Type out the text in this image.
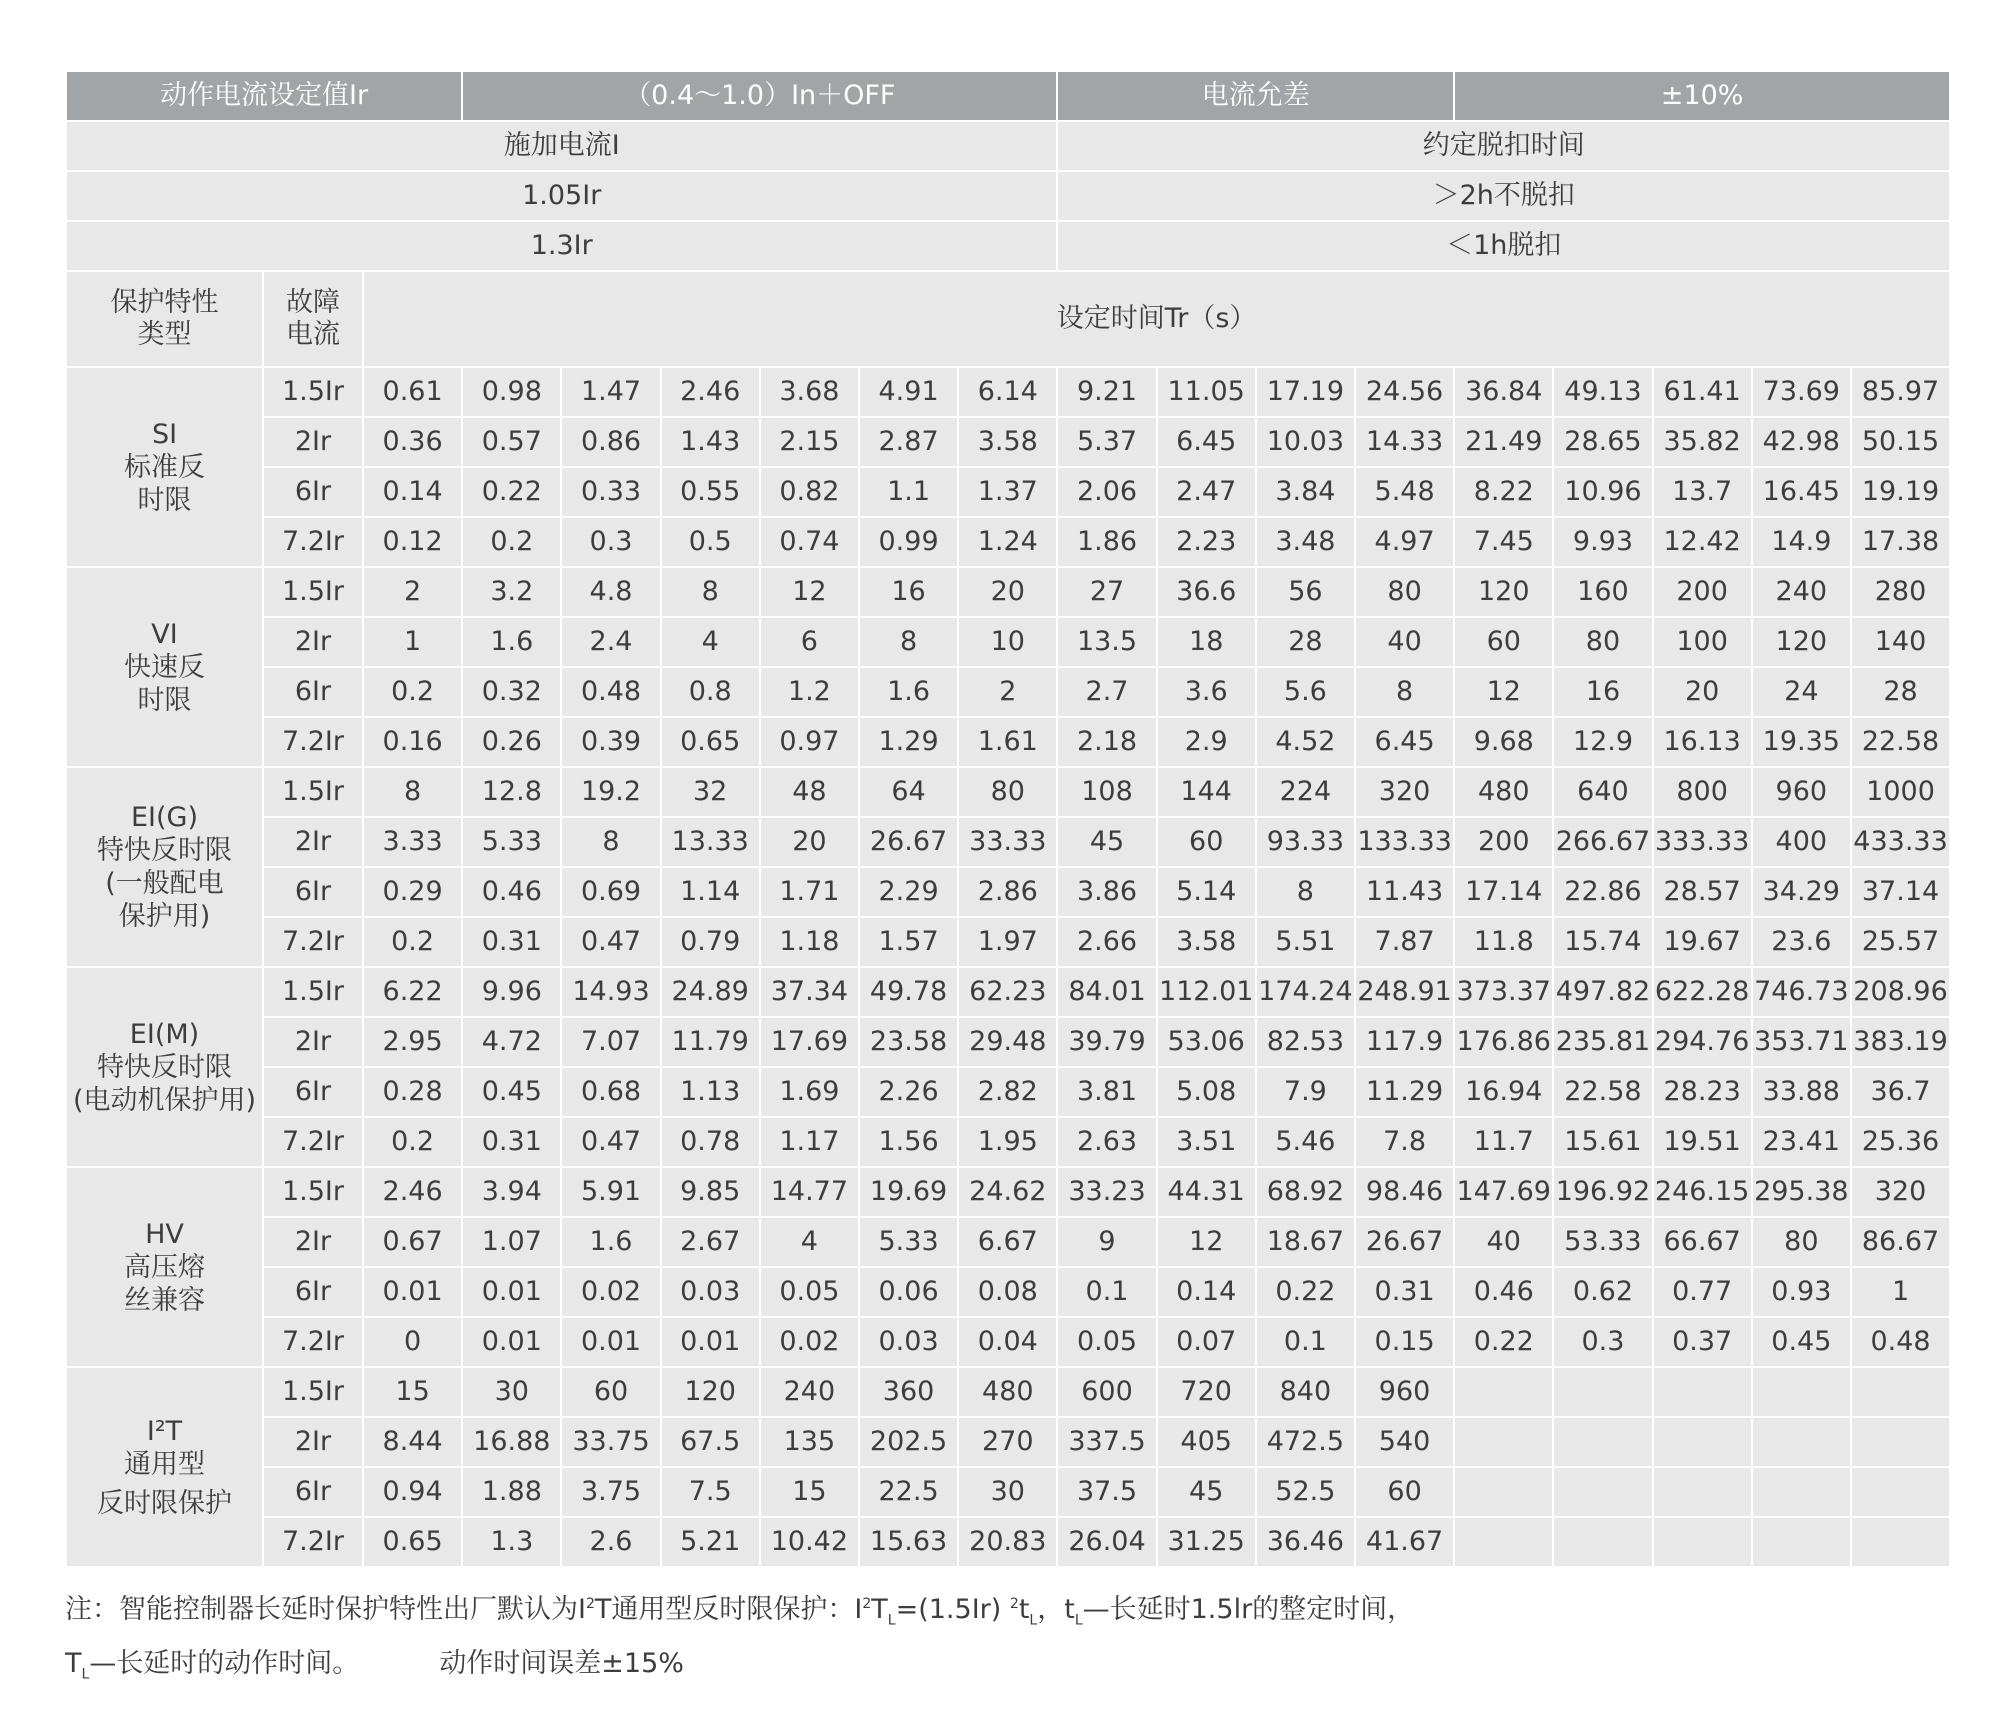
动作电流设定值Ir			（0.4～1.0）In＋OFF						电流允差				±10%				
施加电流I									约定脱扣时间								
1.05Ir									＞2h不脱扣								
1.3Ir									＜1h脱扣								
保护特性类型	故障电流	设定时间Tr（s）															

SI
标准反
时限	1.5Ir	0.61	0.98	1.47	2.46	3.68	4.91	6.14	9.21	11.05	17.19	24.56	36.84	49.13	61.41	73.69	85.97
	2Ir	0.36	0.57	0.86	1.43	2.15	2.87	3.58	5.37	6.45	10.03	14.33	21.49	28.65	35.82	42.98	50.15
	6Ir	0.14	0.22	0.33	0.55	0.82	1.1	1.37	2.06	2.47	3.84	5.48	8.22	10.96	13.7	16.45	19.19
	7.2Ir	0.12	0.2	0.3	0.5	0.74	0.99	1.24	1.86	2.23	3.48	4.97	7.45	9.93	12.42	14.9	17.38

VI
快速反
时限	1.5Ir	2	3.2	4.8	8	12	16	20	27	36.6	56	80	120	160	200	240	280
	2Ir	1	1.6	2.4	4	6	8	10	13.5	18	28	40	60	80	100	120	140
	6Ir	0.2	0.32	0.48	0.8	1.2	1.6	2	2.7	3.6	5.6	8	12	16	20	24	28
	7.2Ir	0.16	0.26	0.39	0.65	0.97	1.29	1.61	2.18	2.9	4.52	6.45	9.68	12.9	16.13	19.35	22.58

EI(G)
特快反时限
(一般配电
保护用)	1.5Ir	8	12.8	19.2	32	48	64	80	108	144	224	320	480	640	800	960	1000
	2Ir	3.33	5.33	8	13.33	20	26.67	33.33	45	60	93.33	133.33	200	266.67	333.33	400	433.33
	6Ir	0.29	0.46	0.69	1.14	1.71	2.29	2.86	3.86	5.14	8	11.43	17.14	22.86	28.57	34.29	37.14
	7.2Ir	0.2	0.31	0.47	0.79	1.18	1.57	1.97	2.66	3.58	5.51	7.87	11.8	15.74	19.67	23.6	25.57

EI(M)
特快反时限
(电动机保护用)	1.5Ir	6.22	9.96	14.93	24.89	37.34	49.78	62.23	84.01	112.01	174.24	248.91	373.37	497.82	622.28	746.73	208.96
	2Ir	2.95	4.72	7.07	11.79	17.69	23.58	29.48	39.79	53.06	82.53	117.9	176.86	235.81	294.76	353.71	383.19
	6Ir	0.28	0.45	0.68	1.13	1.69	2.26	2.82	3.81	5.08	7.9	11.29	16.94	22.58	28.23	33.88	36.7
	7.2Ir	0.2	0.31	0.47	0.78	1.17	1.56	1.95	2.63	3.51	5.46	7.8	11.7	15.61	19.51	23.41	25.36

HV
高压熔
丝兼容	1.5Ir	2.46	3.94	5.91	9.85	14.77	19.69	24.62	33.23	44.31	68.92	98.46	147.69	196.92	246.15	295.38	320
	2Ir	0.67	1.07	1.6	2.67	4	5.33	6.67	9	12	18.67	26.67	40	53.33	66.67	80	86.67
	6Ir	0.01	0.01	0.02	0.03	0.05	0.06	0.08	0.1	0.14	0.22	0.31	0.46	0.62	0.77	0.93	1
	7.2Ir	0	0.01	0.01	0.01	0.02	0.03	0.04	0.05	0.07	0.1	0.15	0.22	0.3	0.37	0.45	0.48

I²T
通用型
反时限保护	1.5Ir	15	30	60	120	240	360	480	600	720	840	960					
	2Ir	8.44	16.88	33.75	67.5	135	202.5	270	337.5	405	472.5	540					
	6Ir	0.94	1.88	3.75	7.5	15	22.5	30	37.5	45	52.5	60					
	7.2Ir	0.65	1.3	2.6	5.21	10.42	15.63	20.83	26.04	31.25	36.46	41.67					
注：智能控制器长延时保护特性出厂默认为$I^2T$通用型反时限保护：$I^2T_L=(1.5Ir)$ $^2t_L$，$t_L—$长延时1.5lr的整定时间，
$T_L—$长延时的动作时间。	动作时间误差±15%
